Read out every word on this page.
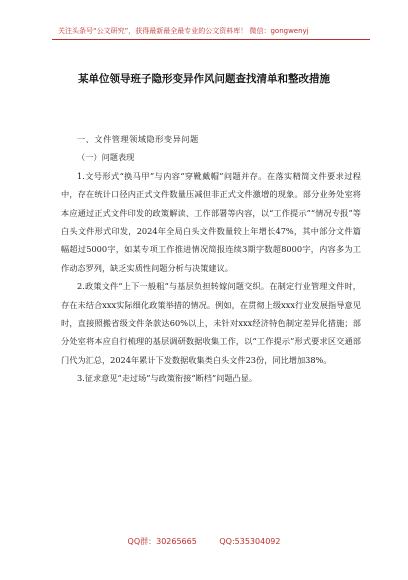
关注头条号“公文研究”，获得最新最全最专业的公文资料库！ 微信：gongwenyj
某单位领导班子隐形变异作风问题查找清单和整改措施

一、文件管理领域隐形变异问题

（一）问题表现

1.文号形式“换马甲”与内容“穿靴戴帽”问题并存。在落实精简文件要求过程中，存在统计口径内正式文件数量压减但非正式文件激增的现象。部分业务处室将本应通过正式文件印发的政策解读、工作部署等内容，以“工作提示”“情况专报”等白头文件形式印发，2024年全局白头文件数量较上年增长47%，其中部分文件篇幅超过5000字，如某专项工作推进情况简报连续3期字数超8000字，内容多为工作动态罗列，缺乏实质性问题分析与决策建议。

2.政策文件“上下一般粗”与基层负担转嫁问题交织。在制定行业管理文件时，存在未结合xxx实际细化政策举措的情况。例如，在贯彻上级xxx行业发展指导意见时，直接照搬省级文件条款达60%以上，未针对xxx经济特色制定差异化措施；部分处室将本应自行梳理的基层调研数据收集工作，以“工作提示”形式要求区交通部门代为汇总，2024年累计下发数据收集类白头文件23份，同比增加38%。

3.征求意见“走过场”与政策衔接“断档”问题凸显。

QQ群：30265665	QQ:535304092
